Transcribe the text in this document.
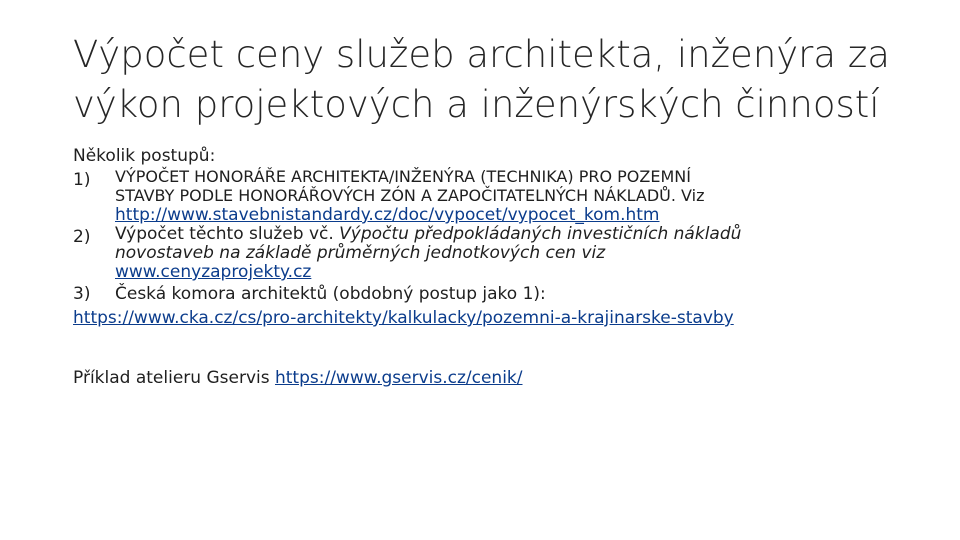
Výpočet ceny služeb architekta, inženýra za
výkon projektových a inženýrských činností
Několik postupů:
1)	VÝPOČET HONORÁŘE ARCHITEKTA/INŽENÝRA (TECHNIKA) PRO POZEMNÍ
STAVBY PODLE HONORÁŘOVÝCH ZÓN A ZAPOČITATELNÝCH NÁKLADŮ. Viz
http://www.stavebnistandardy.cz/doc/vypocet/vypocet_kom.htm
2)	Výpočet těchto služeb vč. Výpočtu předpokládaných investičních nákladů
novostaveb na základě průměrných jednotkových cen viz
www.cenyzaprojekty.cz
3)	Česká komora architektů (obdobný postup jako 1):
https://www.cka.cz/cs/pro-architekty/kalkulacky/pozemni-a-krajinarske-stavby
Příklad atelieru Gservis https://www.gservis.cz/cenik/
